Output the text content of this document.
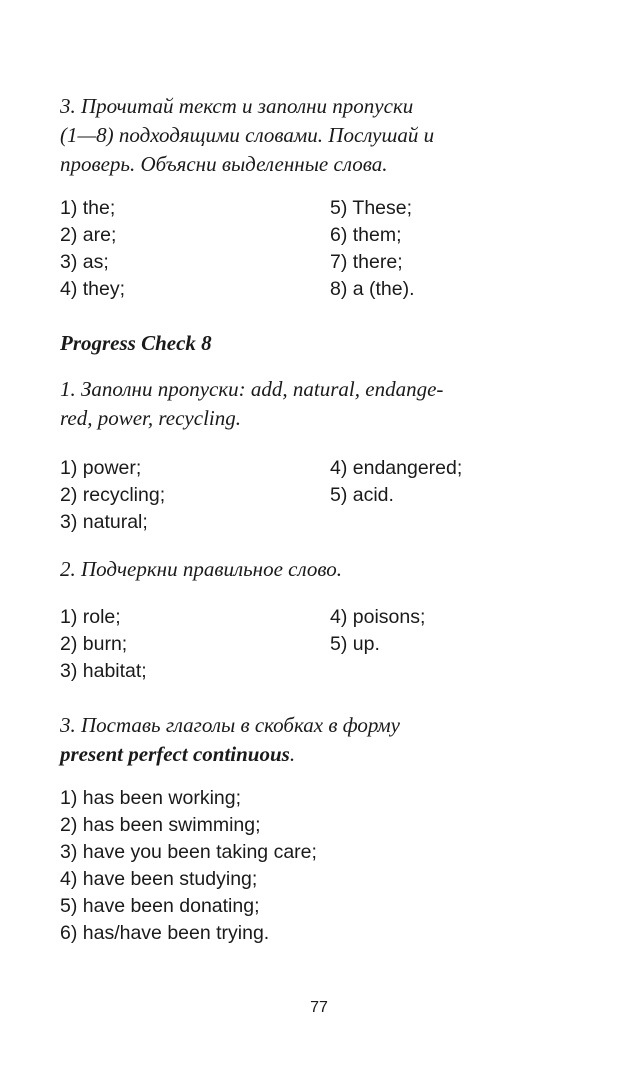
3. Прочитай текст и заполни пропуски
(1—8) подходящими словами. Послушай и
проверь. Объясни выделенные слова.
1) the;	5) These;
2) are;	6) them;
3) as;	7) there;
4) they;	8) a (the).
Progress Check 8
1. Заполни пропуски: add, natural, endange-
red, power, recycling.
1) power;	4) endangered;
2) recycling;	5) acid.
3) natural;
2. Подчеркни правильное слово.
1) role;	4) poisons;
2) burn;	5) up.
3) habitat;
3. Поставь глаголы в скобках в форму
present perfect continuous.
1) has been working;
2) has been swimming;
3) have you been taking care;
4) have been studying;
5) have been donating;
6) has/have been trying.
77
